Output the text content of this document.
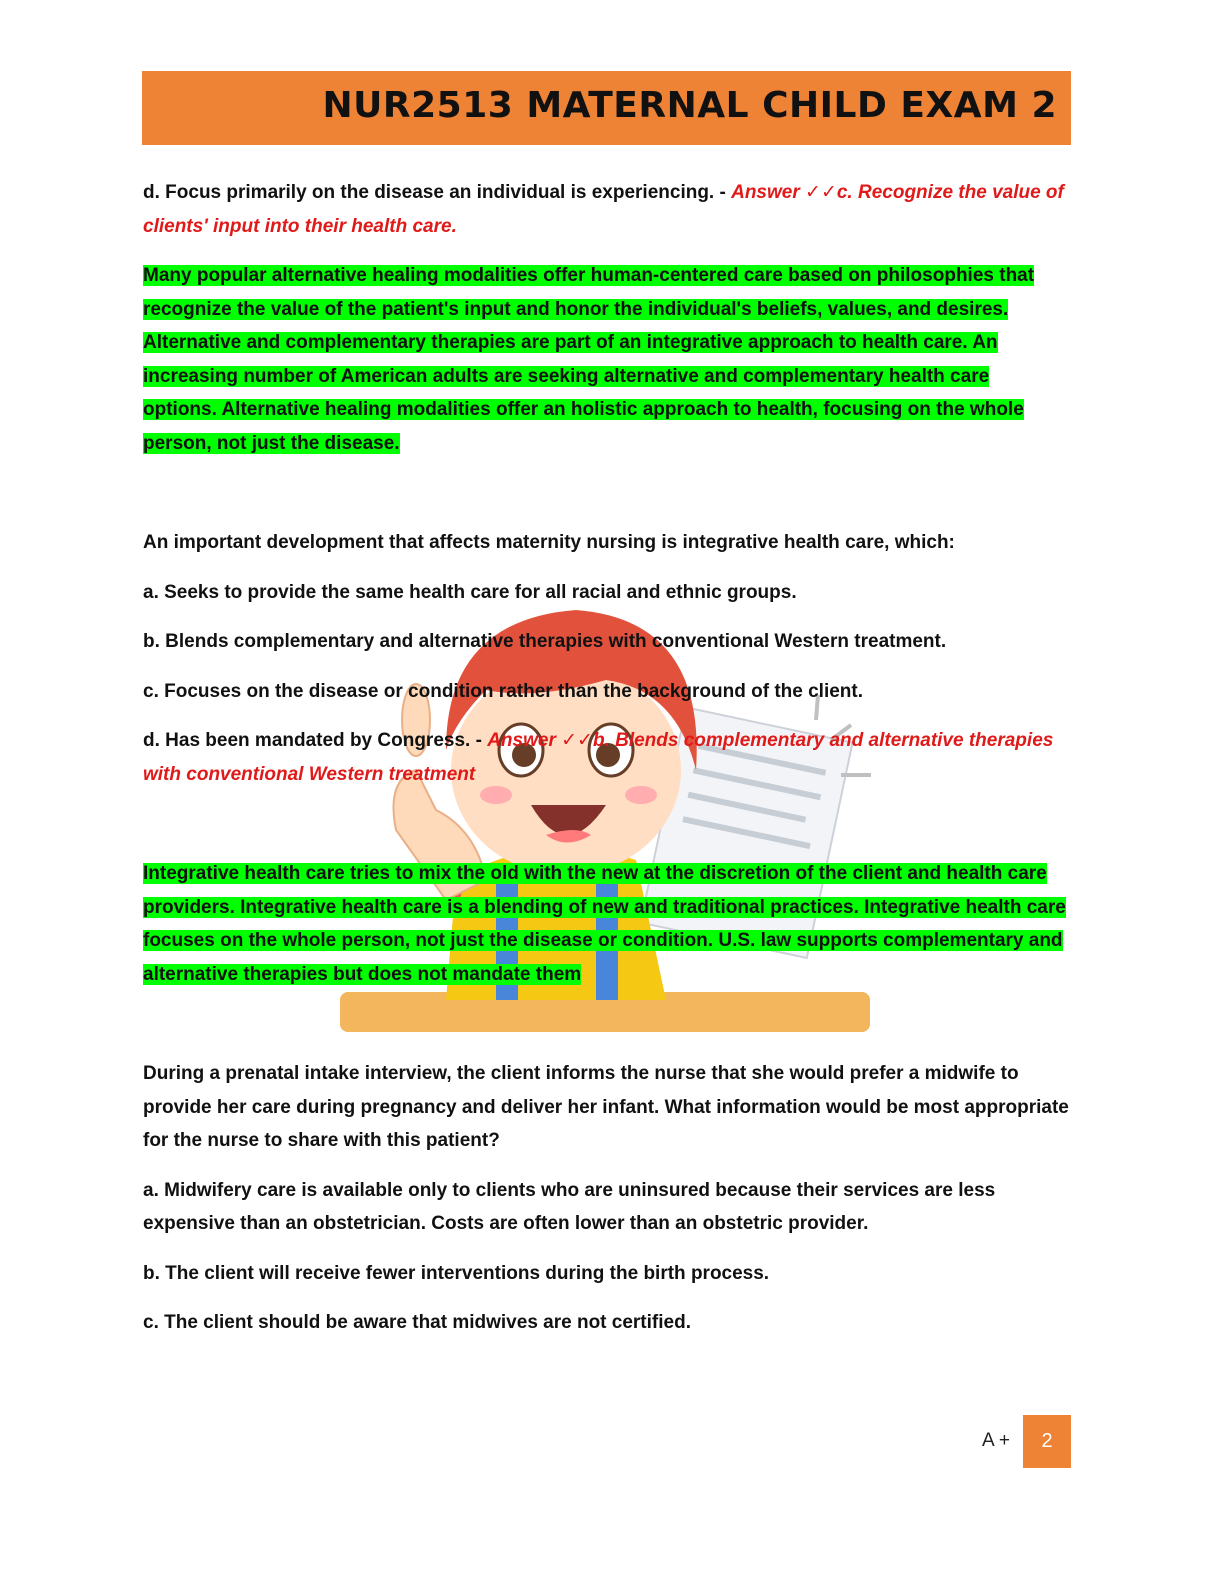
NUR2513 MATERNAL CHILD EXAM 2

d. Focus primarily on the disease an individual is experiencing. - Answer ✓✓c. Recognize the value of clients' input into their health care.

Many popular alternative healing modalities offer human-centered care based on philosophies that recognize the value of the patient's input and honor the individual's beliefs, values, and desires. Alternative and complementary therapies are part of an integrative approach to health care. An increasing number of American adults are seeking alternative and complementary health care options. Alternative healing modalities offer an holistic approach to health, focusing on the whole person, not just the disease.

An important development that affects maternity nursing is integrative health care, which:

a. Seeks to provide the same health care for all racial and ethnic groups.

b. Blends complementary and alternative therapies with conventional Western treatment.

c. Focuses on the disease or condition rather than the background of the client.

d. Has been mandated by Congress. - Answer ✓✓b. Blends complementary and alternative therapies with conventional Western treatment

Integrative health care tries to mix the old with the new at the discretion of the client and health care providers. Integrative health care is a blending of new and traditional practices. Integrative health care focuses on the whole person, not just the disease or condition. U.S. law supports complementary and alternative therapies but does not mandate them

During a prenatal intake interview, the client informs the nurse that she would prefer a midwife to provide her care during pregnancy and deliver her infant. What information would be most appropriate for the nurse to share with this patient?

a. Midwifery care is available only to clients who are uninsured because their services are less expensive than an obstetrician. Costs are often lower than an obstetric provider.

b. The client will receive fewer interventions during the birth process.

c. The client should be aware that midwives are not certified.

A +	2
